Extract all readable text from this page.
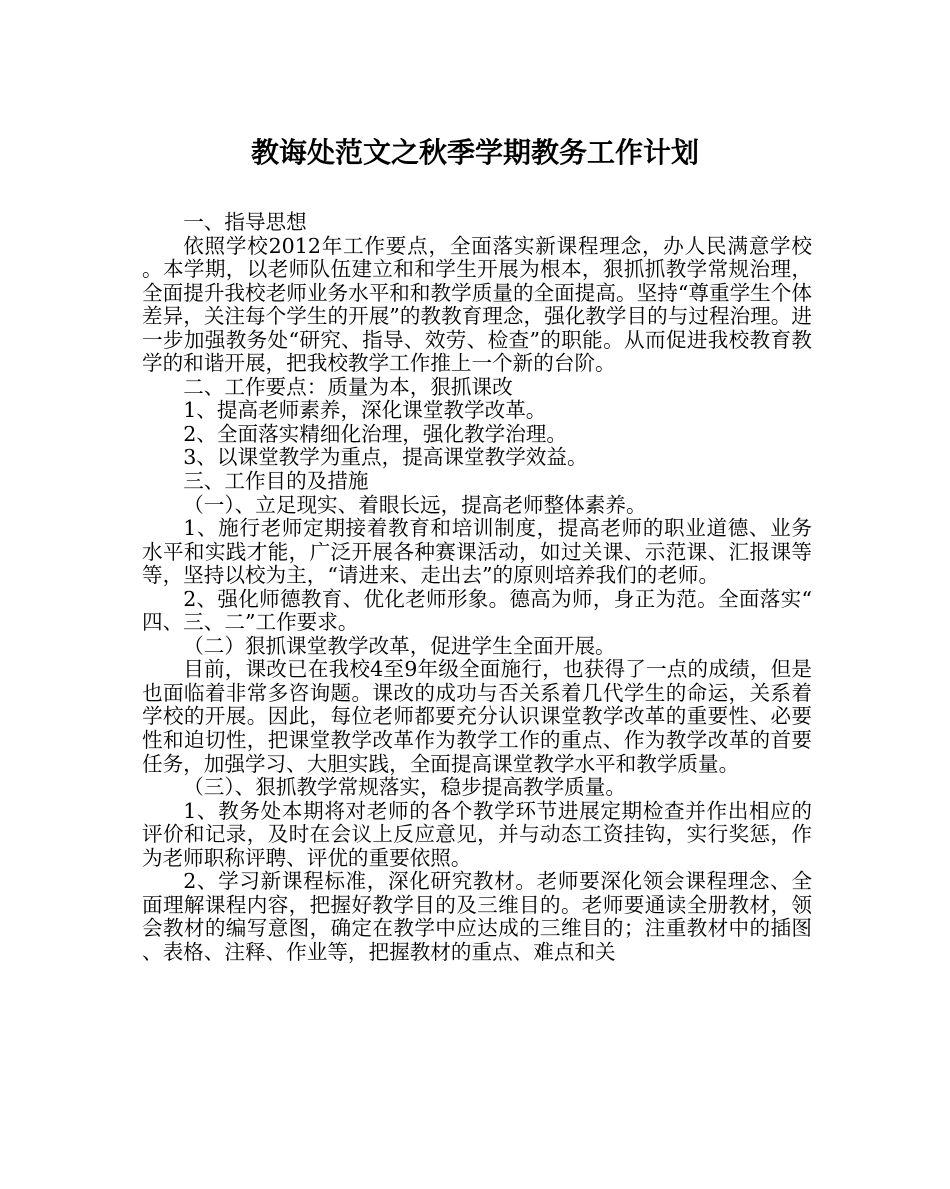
教诲处范文之秋季学期教务工作计划

一、指导思想

依照学校2012年工作要点，全面落实新课程理念，办人民满意学校。本学期，以老师队伍建立和和学生开展为根本，狠抓抓教学常规治理，全面提升我校老师业务水平和和教学质量的全面提高。坚持“尊重学生个体差异，关注每个学生的开展”的教教育理念，强化教学目的与过程治理。进一步加强教务处“研究、指导、效劳、检查”的职能。从而促进我校教育教学的和谐开展，把我校教学工作推上一个新的台阶。

二、工作要点：质量为本，狠抓课改

1、提高老师素养，深化课堂教学改革。

2、全面落实精细化治理，强化教学治理。

3、以课堂教学为重点，提高课堂教学效益。

三、工作目的及措施

（一）、立足现实、着眼长远，提高老师整体素养。

1、施行老师定期接着教育和培训制度，提高老师的职业道德、业务水平和实践才能，广泛开展各种赛课活动，如过关课、示范课、汇报课等等，坚持以校为主，“请进来、走出去”的原则培养我们的老师。

2、强化师德教育、优化老师形象。德高为师，身正为范。全面落实“四、三、二”工作要求。

（二）狠抓课堂教学改革，促进学生全面开展。

目前，课改已在我校4至9年级全面施行，也获得了一点的成绩，但是也面临着非常多咨询题。课改的成功与否关系着几代学生的命运，关系着学校的开展。因此，每位老师都要充分认识课堂教学改革的重要性、必要性和迫切性，把课堂教学改革作为教学工作的重点、作为教学改革的首要任务，加强学习、大胆实践，全面提高课堂教学水平和教学质量。

（三）、狠抓教学常规落实，稳步提高教学质量。

1、教务处本期将对老师的各个教学环节进展定期检查并作出相应的评价和记录，及时在会议上反应意见，并与动态工资挂钩，实行奖惩，作为老师职称评聘、评优的重要依照。

2、学习新课程标准，深化研究教材。老师要深化领会课程理念、全面理解课程内容，把握好教学目的及三维目的。老师要通读全册教材，领会教材的编写意图，确定在教学中应达成的三维目的；注重教材中的插图、表格、注释、作业等，把握教材的重点、难点和关
